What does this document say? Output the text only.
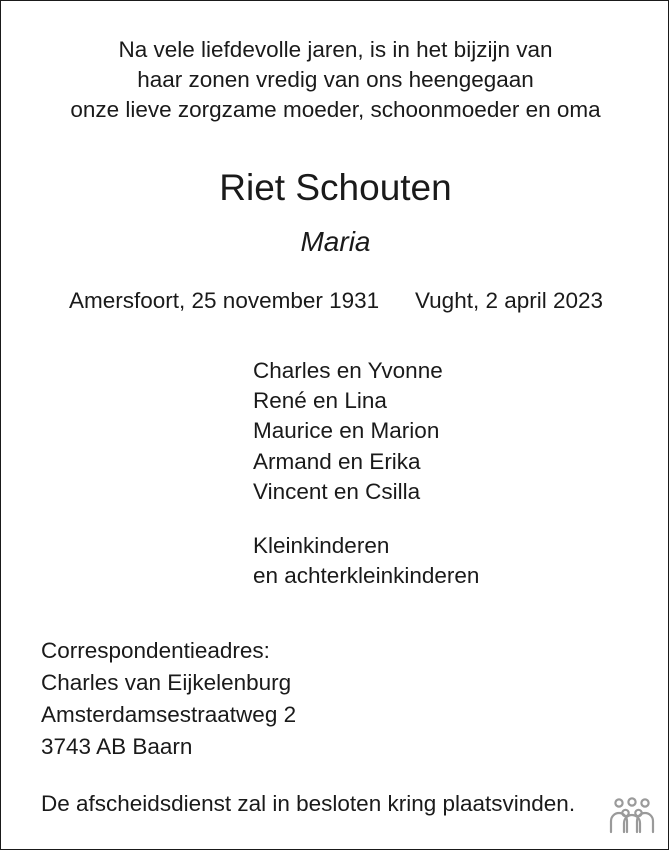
Na vele liefdevolle jaren, is in het bijzijn van
haar zonen vredig van ons heengegaan
onze lieve zorgzame moeder, schoonmoeder en oma
Riet Schouten
Maria
Amersfoort, 25 november 1931 Vught, 2 april 2023
Charles en Yvonne
René en Lina
Maurice en Marion
Armand en Erika
Vincent en Csilla
Kleinkinderen
en achterkleinkinderen
Correspondentieadres:
Charles van Eijkelenburg
Amsterdamsestraatweg 2
3743 AB Baarn
De afscheidsdienst zal in besloten kring plaatsvinden.
